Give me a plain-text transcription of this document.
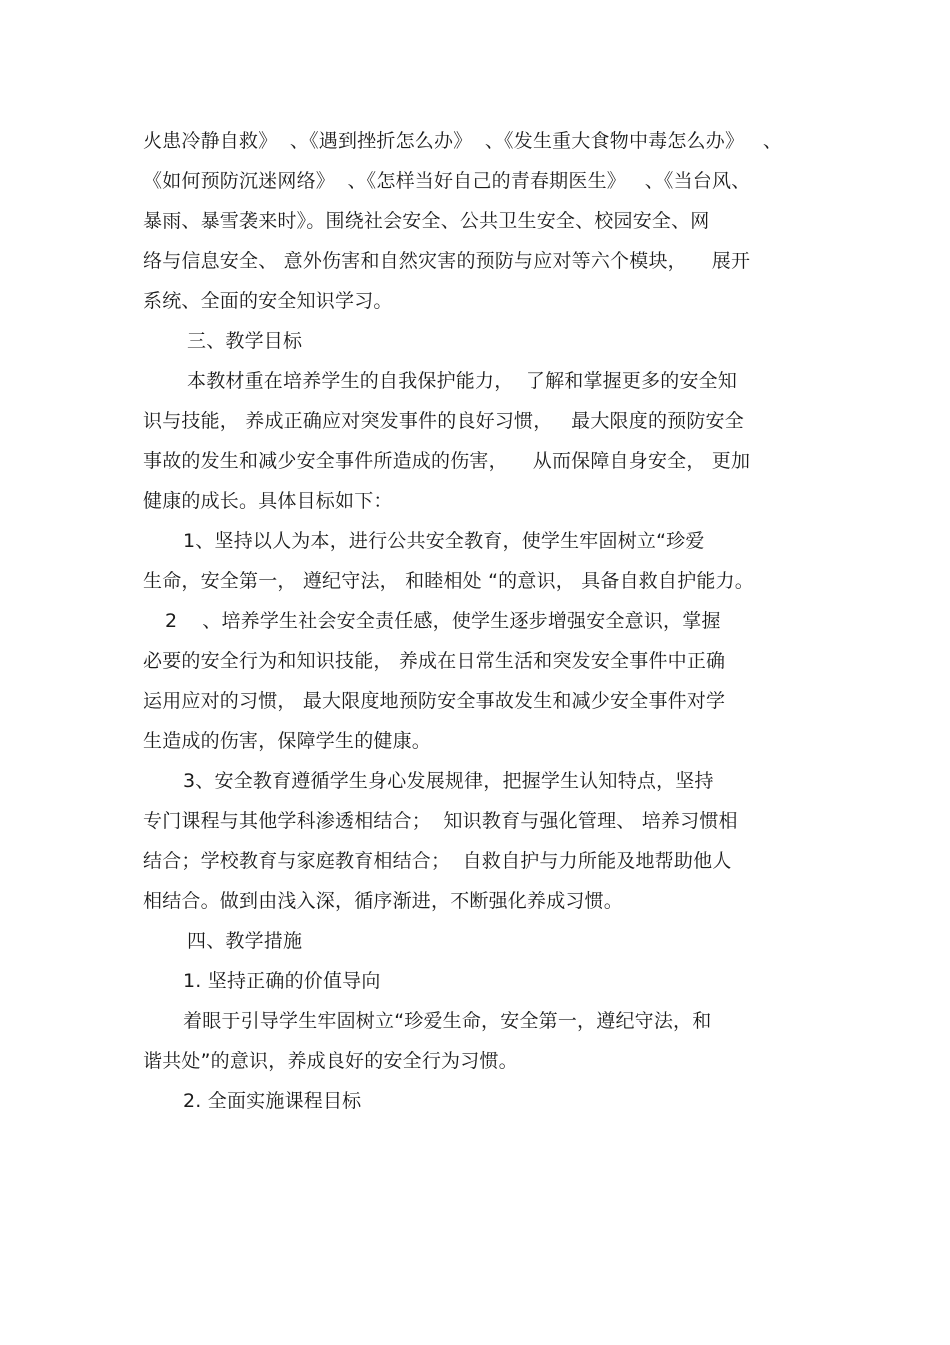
火患冷静自救》  、《遇到挫折怎么办》  、《发生重大食物中毒怎么办》   、
《如何预防沉迷网络》  、《怎样当好自己的青春期医生》   、《当台风、
暴雨、暴雪袭来时》。围绕社会安全、公共卫生安全、校园安全、网
络与信息安全、 意外伤害和自然灾害的预防与应对等六个模块，    展开
系统、全面的安全知识学习。
三、教学目标
本教材重在培养学生的自我保护能力，  了解和掌握更多的安全知
识与技能， 养成正确应对突发事件的良好习惯，   最大限度的预防安全
事故的发生和减少安全事件所造成的伤害，    从而保障自身安全， 更加
健康的成长。具体目标如下：
1、坚持以人为本，进行公共安全教育，使学生牢固树立“珍爱
生命，安全第一， 遵纪守法， 和睦相处 “的意识， 具备自救自护能力。
2    、培养学生社会安全责任感，使学生逐步增强安全意识，掌握
必要的安全行为和知识技能， 养成在日常生活和突发安全事件中正确
运用应对的习惯， 最大限度地预防安全事故发生和减少安全事件对学
生造成的伤害，保障学生的健康。
3、安全教育遵循学生身心发展规律，把握学生认知特点，坚持
专门课程与其他学科渗透相结合；  知识教育与强化管理、 培养习惯相
结合；学校教育与家庭教育相结合；  自救自护与力所能及地帮助他人
相结合。做到由浅入深，循序渐进，不断强化养成习惯。
四、教学措施
1. 坚持正确的价值导向
着眼于引导学生牢固树立“珍爱生命，安全第一，遵纪守法，和
谐共处”的意识，养成良好的安全行为习惯。
2. 全面实施课程目标
